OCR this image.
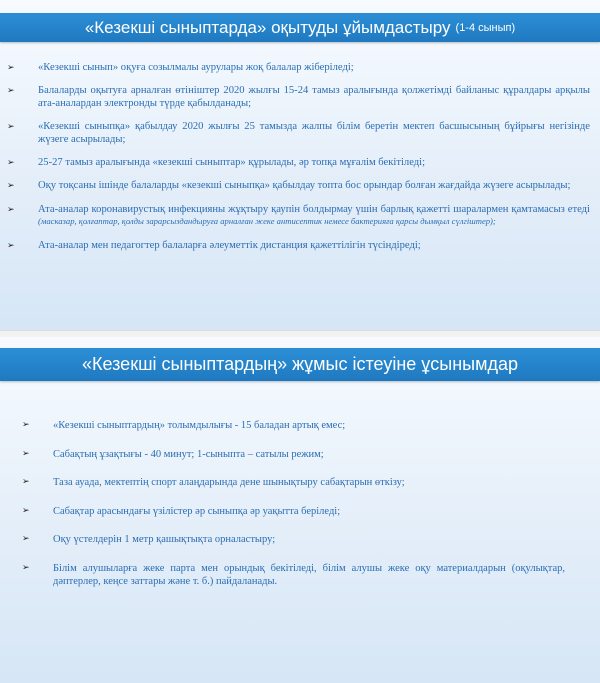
«Кезекші сыныптарда» оқытуды ұйымдастыру (1-4 сынып)
➢ «Кезекші сынып» оқуға созылмалы аурулары жоқ балалар жіберіледі;
➢ Балаларды оқытуға арналған өтініштер 2020 жылғы 15-24 тамыз аралығында қолжетімді байланыс құралдары арқылы ата-аналардан электронды түрде қабылданады;
➢ «Кезекші сыныпқа» қабылдау 2020 жылғы 25 тамызда жалпы білім беретін мектеп басшысының бұйрығы негізінде жүзеге асырылады;
➢ 25-27 тамыз аралығында «кезекші сыныптар» құрылады, әр топқа мұғалім бекітіледі;
➢ Оқу тоқсаны ішінде балаларды «кезекші сыныпқа» қабылдау топта бос орындар болған жағдайда жүзеге асырылады;
➢ Ата-аналар коронавирустық инфекцияны жұқтыру қаупін болдырмау үшін барлық қажетті шаралармен қамтамасыз етеді (масказар, қолғаптар, қолды зарарсыздандыруға арналған жеке антисептик немесе бактерияға қарсы дымқыл сүлгіштер);
➢ Ата-аналар мен педагогтер балаларға әлеуметтік дистанция қажеттілігін түсіндіреді;
«Кезекші сыныптардың» жұмыс істеуіне ұсынымдар
➢ «Кезекші сыныптардың» толымдылығы - 15 баладан артық емес;
➢ Сабақтың ұзақтығы - 40 минут; 1-сыныпта – сатылы режим;
➢ Таза ауада, мектептің спорт алаңдарында дене шынықтыру сабақтарын өткізу;
➢ Сабақтар арасындағы үзілістер әр сыныпқа әр уақытта беріледі;
➢ Оқу үстелдерін 1 метр қашықтықта орналастыру;
➢ Білім алушыларға жеке парта мен орындық бекітіледі, білім алушы жеке оқу материалдарын (оқулықтар, дәптерлер, кеңсе заттары және т. б.) пайдаланады.
